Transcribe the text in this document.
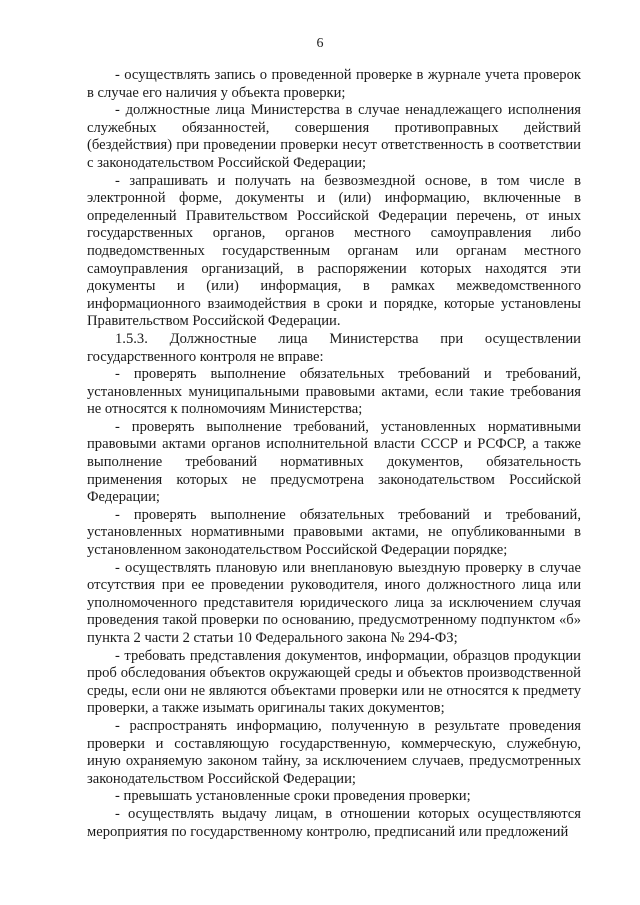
6

- осуществлять запись о проведенной проверке в журнале учета проверок в случае его наличия у объекта проверки;

- должностные лица Министерства в случае ненадлежащего исполнения служебных обязанностей, совершения противоправных действий (бездействия) при проведении проверки несут ответственность в соответствии с законодательством Российской Федерации;

- запрашивать и получать на безвозмездной основе, в том числе в электронной форме, документы и (или) информацию, включенные в определенный Правительством Российской Федерации перечень, от иных государственных органов, органов местного самоуправления либо подведомственных государственным органам или органам местного самоуправления организаций, в распоряжении которых находятся эти документы и (или) информация, в рамках межведомственного информационного взаимодействия в сроки и порядке, которые установлены Правительством Российской Федерации.

1.5.3. Должностные лица Министерства при осуществлении государственного контроля не вправе:

- проверять выполнение обязательных требований и требований, установленных муниципальными правовыми актами, если такие требования не относятся к полномочиям Министерства;

- проверять выполнение требований, установленных нормативными правовыми актами органов исполнительной власти СССР и РСФСР, а также выполнение требований нормативных документов, обязательность применения которых не предусмотрена законодательством Российской Федерации;

- проверять выполнение обязательных требований и требований, установленных нормативными правовыми актами, не опубликованными в установленном законодательством Российской Федерации порядке;

- осуществлять плановую или внеплановую выездную проверку в случае отсутствия при ее проведении руководителя, иного должностного лица или уполномоченного представителя юридического лица за исключением случая проведения такой проверки по основанию, предусмотренному подпунктом «б» пункта 2 части 2 статьи 10 Федерального закона № 294-ФЗ;

- требовать представления документов, информации, образцов продукции проб обследования объектов окружающей среды и объектов производственной среды, если они не являются объектами проверки или не относятся к предмету проверки, а также изымать оригиналы таких документов;

- распространять информацию, полученную в результате проведения проверки и составляющую государственную, коммерческую, служебную, иную охраняемую законом тайну, за исключением случаев, предусмотренных законодательством Российской Федерации;

- превышать установленные сроки проведения проверки;

- осуществлять выдачу лицам, в отношении которых осуществляются мероприятия по государственному контролю, предписаний или предложений
